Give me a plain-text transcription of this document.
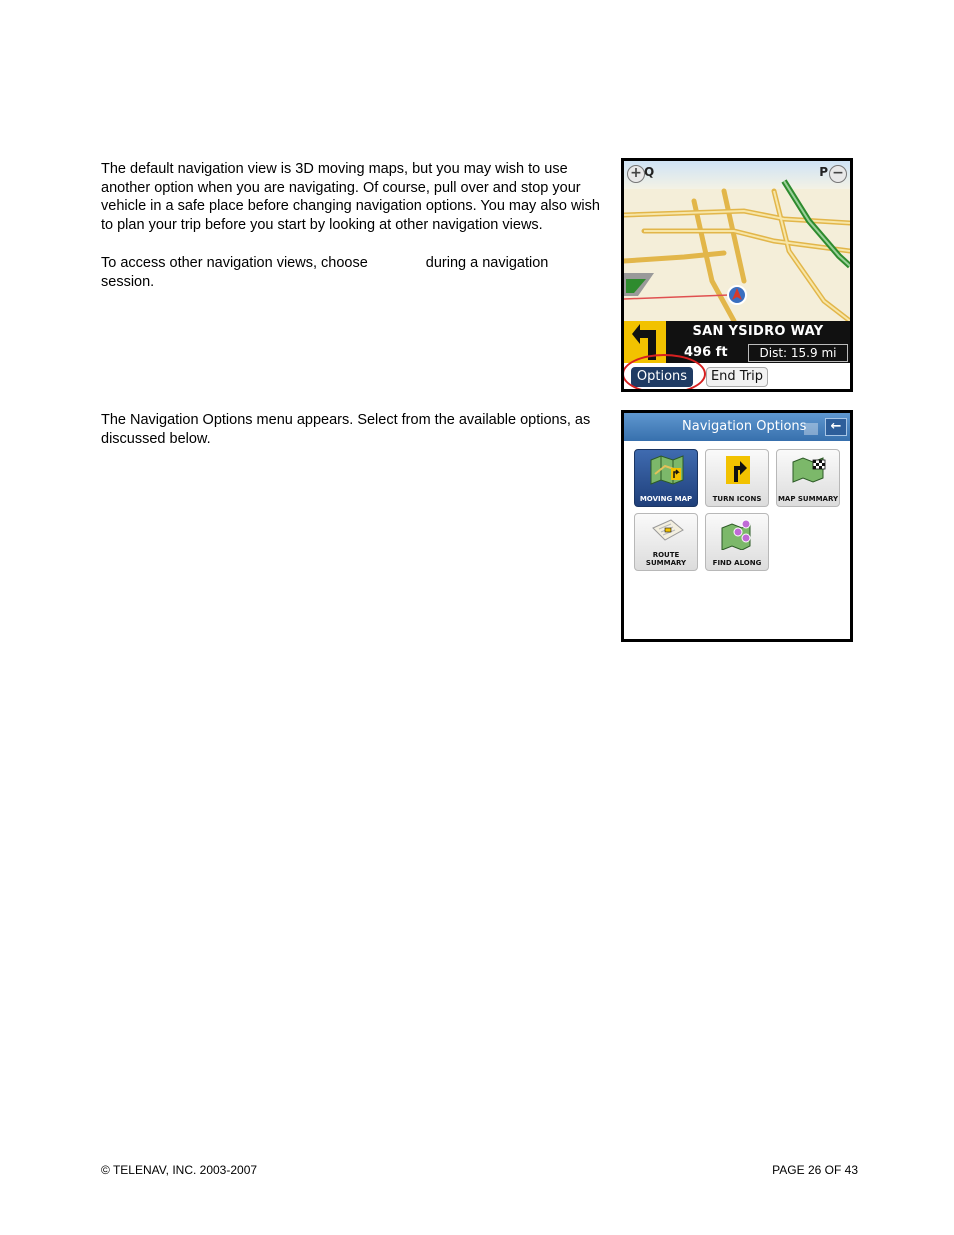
The default navigation view is 3D moving maps, but you may wish to use another option when you are navigating. Of course, pull over and stop your vehicle in a safe place before changing navigation options. You may also wish to plan your trip before you start by looking at other navigation views.

To access other navigation views, choose	during a navigation session.

The Navigation Options menu appears. Select from the available options, as discussed below.

+ Q	P −
SAN YSIDRO WAY
496 ft	Dist: 15.9 mi
Options	End Trip
Navigation Options	←
MOVING MAP	TURN ICONS	MAP SUMMARY
ROUTE SUMMARY	FIND ALONG
© TELENAV, INC. 2003-2007	PAGE 26 OF 43
